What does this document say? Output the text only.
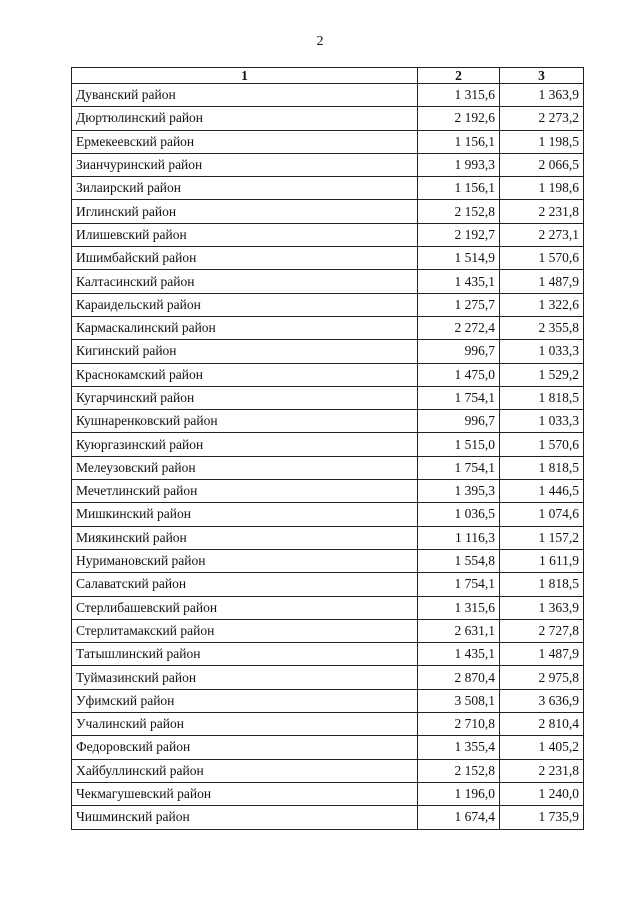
2
1	2	3
Дуванский район	1 315,6	1 363,9
Дюртюлинский район	2 192,6	2 273,2
Ермекеевский район	1 156,1	1 198,5
Зианчуринский район	1 993,3	2 066,5
Зилаирский район	1 156,1	1 198,6
Иглинский район	2 152,8	2 231,8
Илишевский район	2 192,7	2 273,1
Ишимбайский район	1 514,9	1 570,6
Калтасинский район	1 435,1	1 487,9
Караидельский район	1 275,7	1 322,6
Кармаскалинский район	2 272,4	2 355,8
Кигинский район	996,7	1 033,3
Краснокамский район	1 475,0	1 529,2
Кугарчинский район	1 754,1	1 818,5
Кушнаренковский район	996,7	1 033,3
Куюргазинский район	1 515,0	1 570,6
Мелеузовский район	1 754,1	1 818,5
Мечетлинский район	1 395,3	1 446,5
Мишкинский район	1 036,5	1 074,6
Миякинский район	1 116,3	1 157,2
Нуримановский район	1 554,8	1 611,9
Салаватский район	1 754,1	1 818,5
Стерлибашевский район	1 315,6	1 363,9
Стерлитамакский район	2 631,1	2 727,8
Татышлинский район	1 435,1	1 487,9
Туймазинский район	2 870,4	2 975,8
Уфимский район	3 508,1	3 636,9
Учалинский район	2 710,8	2 810,4
Федоровский район	1 355,4	1 405,2
Хайбуллинский район	2 152,8	2 231,8
Чекмагушевский район	1 196,0	1 240,0
Чишминский район	1 674,4	1 735,9
